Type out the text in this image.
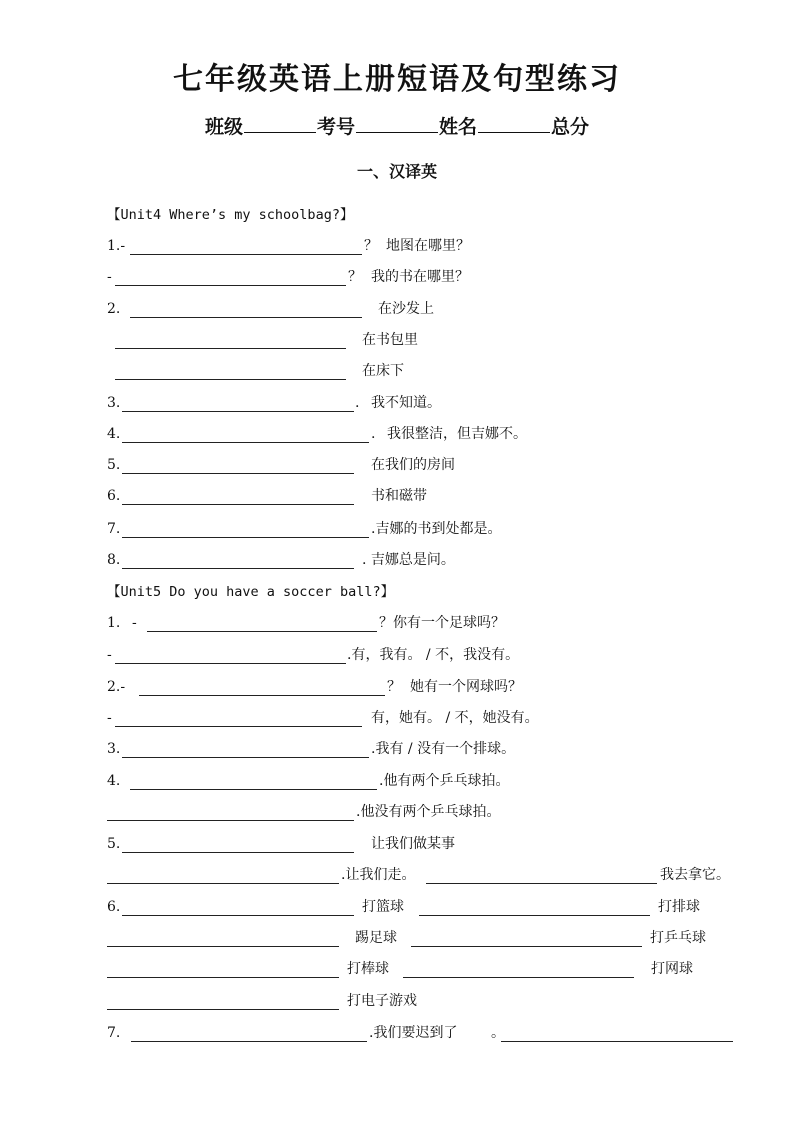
七年级英语上册短语及句型练习
班级	考号	姓名	总分
一、汉译英
【Unit4 Where’s my schoolbag?】
1.-	？ 地图在哪里？
-	？ 我的书在哪里？
2.	在沙发上
在书包里
在床下
3.	. 我不知道。
4.	. 我很整洁，但吉娜不。
5.	在我们的房间
6.	书和磁带
7.	.吉娜的书到处都是。
8.	. 吉娜总是问。
【Unit5 Do you have a soccer ball?】
1. -	？你有一个足球吗？
-	.有，我有。 / 不，我没有。
2.-	？ 她有一个网球吗？
-	有，她有。 / 不，她没有。
3.	.我有 / 没有一个排球。
4.	.他有两个乒乓球拍。
.他没有两个乒乓球拍。
5.	让我们做某事
.让我们走。	我去拿它。
6.	打篮球	打排球
踢足球	打乒乓球
打棒球	打网球
打电子游戏
7.	.我们要迟到了 。
